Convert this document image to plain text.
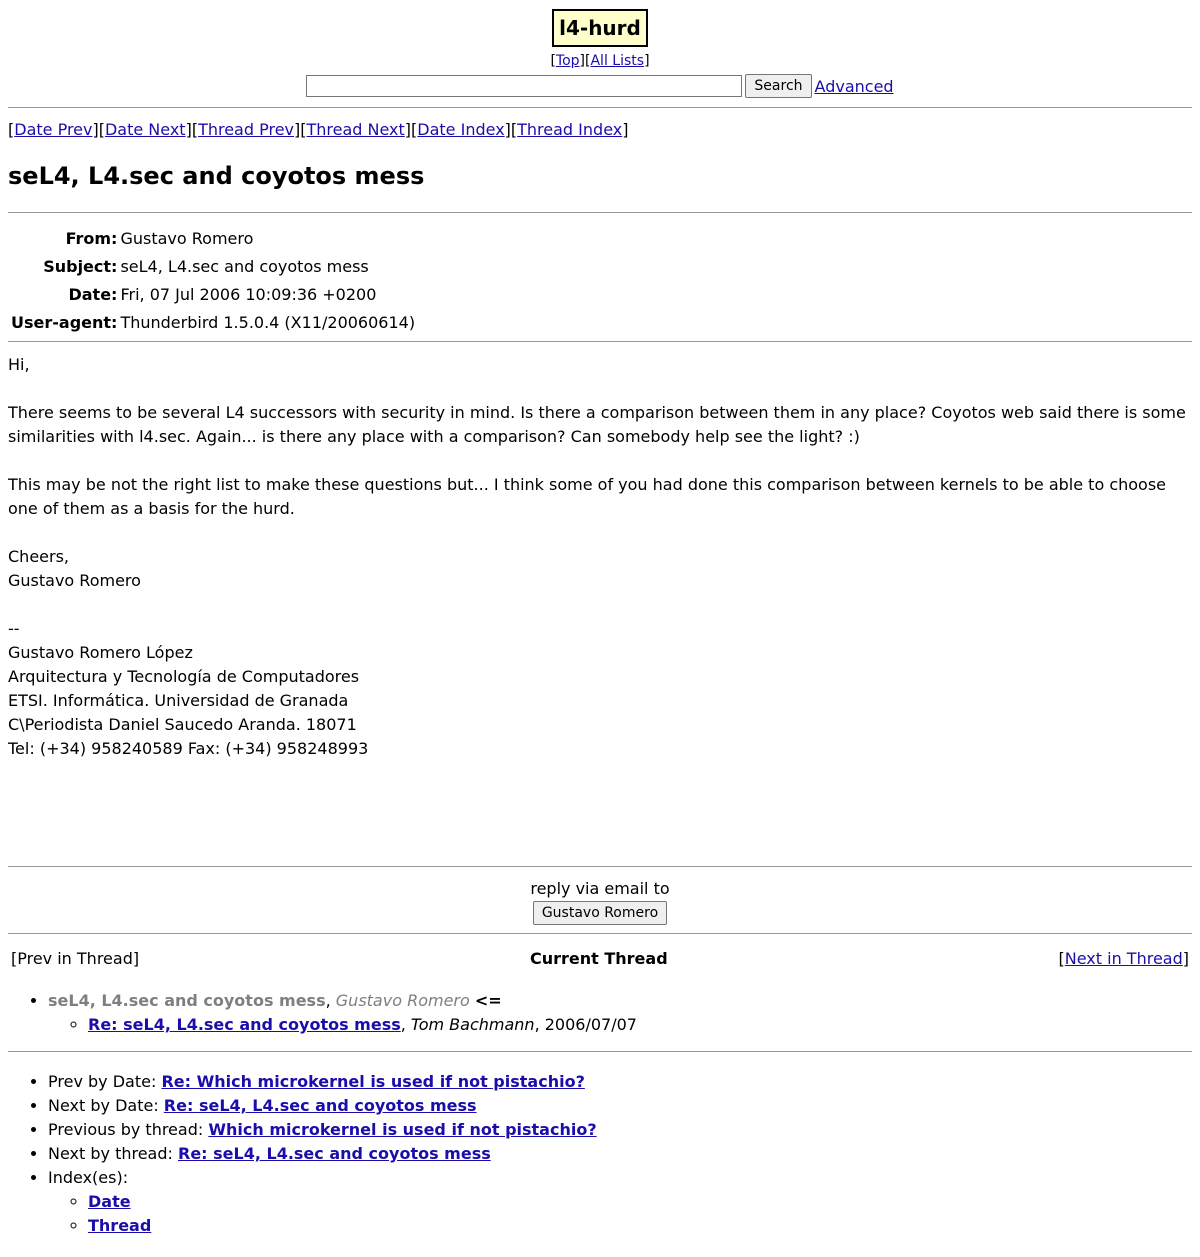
l4-hurd
[Top][All Lists]
Search Advanced
[Date Prev][Date Next][Thread Prev][Thread Next][Date Index][Thread Index]
seL4, L4.sec and coyotos mess
From:	Gustavo Romero
Subject:	seL4, L4.sec and coyotos mess
Date:	Fri, 07 Jul 2006 10:09:36 +0200
User-agent:	Thunderbird 1.5.0.4 (X11/20060614)

Hi,

There seems to be several L4 successors with security in mind. Is there a comparison between them in any place? Coyotos web said there is some similarities with l4.sec. Again... is there any place with a comparison? Can somebody help see the light? :)

This may be not the right list to make these questions but... I think some of you had done this comparison between kernels to be able to choose one of them as a basis for the hurd.

Cheers,
Gustavo Romero

--
Gustavo Romero López
Arquitectura y Tecnología de Computadores
ETSI. Informática. Universidad de Granada
C\Periodista Daniel Saucedo Aranda. 18071
Tel: (+34) 958240589 Fax: (+34) 958248993

reply via email to
Gustavo Romero
[Prev in Thread]	Current Thread	[Next in Thread]
• seL4, L4.sec and coyotos mess, Gustavo Romero <=
◦ Re: seL4, L4.sec and coyotos mess, Tom Bachmann, 2006/07/07
• Prev by Date: Re: Which microkernel is used if not pistachio?
• Next by Date: Re: seL4, L4.sec and coyotos mess
• Previous by thread: Which microkernel is used if not pistachio?
• Next by thread: Re: seL4, L4.sec and coyotos mess
• Index(es):
◦ Date
◦ Thread
